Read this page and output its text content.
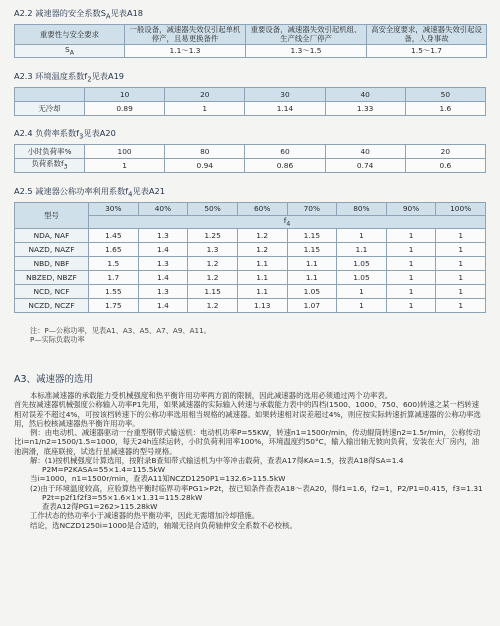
A2.2 减速器的安全系数$S_A$见表A18
重要性与安全要求	一般设备，减速器失效仅引起单机停产，且易更换备件	重要设备，减速器失效引起机组、生产线全厂停产	高安全度要求，减速器失效引起设备，人身事故
$S_A$	1.1～1.3	1.3～1.5	1.5～1.7
A2.3 环境温度系数$f_2$见表A19
	10	20	30	40	50
无冷却	0.89	1	1.14	1.33	1.6
A2.4 负荷率系数$f_3$见表A20
小时负荷率%	100	80	60	40	20
负荷系数$f_3$	1	0.94	0.86	0.74	0.6
A2.5 减速器公称功率利用系数$f_4$见表A21
型号	30%	40%	50%	60%	70%	80%	90%	100%
	$f_4$
NDA, NAF	1.45	1.3	1.25	1.2	1.15	1	1	1
NAZD, NAZF	1.65	1.4	1.3	1.2	1.15	1.1	1	1
NBD, NBF	1.5	1.3	1.2	1.1	1.1	1.05	1	1
NBZED, NBZF	1.7	1.4	1.2	1.1	1.1	1.05	1	1
NCD, NCF	1.55	1.3	1.15	1.1	1.05	1	1	1
NCZD, NCZF	1.75	1.4	1.2	1.13	1.07	1	1	1
注：P—公称功率，见表A1、A3、A5、A7、A9、A11。
P—实际负载功率
A3、减速器的选用

本标准减速器的承载能力受机械强度和热平衡许用功率两方面的限制，因此减速器的选用必须通过两个功率表。

首先按减速器机械强度公称输入功率P1先用，如果减速器的实际输入转速与承载能力表中的四档(1500、1000、750、600)转速之某一档转速相对误差不超过4%，可按该档转速下的公称功率选用相当规格的减速器。如果转速相对误差超过4%，则应按实际转速折算减速器的公称功率选用，然后校核减速器热平衡许用功率。

例：由电动机、减速器驱动一台重型钢带式输送机：电动机功率P=55KW，转速n1=1500r/min，传动辊筒转速n2=1.5r/min，公称传动比i=n1/n2=1500/1.5=1000，每天24h连续运转，小时负荷利用率100%，环境温度约50°C，输入输出轴无彼向负荷，安装在大厂房内，油池润滑，底座联接，试选行星减速器的型号规格。

解：(1)按机械强度计算选用，按附录B查知带式输送机为中等冲击载荷，查表A17得KA=1.5，按表A18得SA=1.4

P2M=P2KASA=55×1.4=115.5kW

当i=1000，n1=1500r/min，查表A11知NCZD1250P1=132.6>115.5kW

(2)由于环境温度较高，应验算热平衡时临界功率PG1>P2t，按已知条件查表A18～表A20，得f1=1.6，f2=1，P2/P1=0.415，f3=1.31

P2t=p2f1f2f3=55×1.6×1×1.31=115.28kW

查表A12得PG1=262>115.28kW

工作状态的热功率小于减速器的热平衡功率，因此无需增加冷却措施。

结论，选NCZD1250i=1000是合适的，轴端无径向负荷轴伸安全系数不必校核。
